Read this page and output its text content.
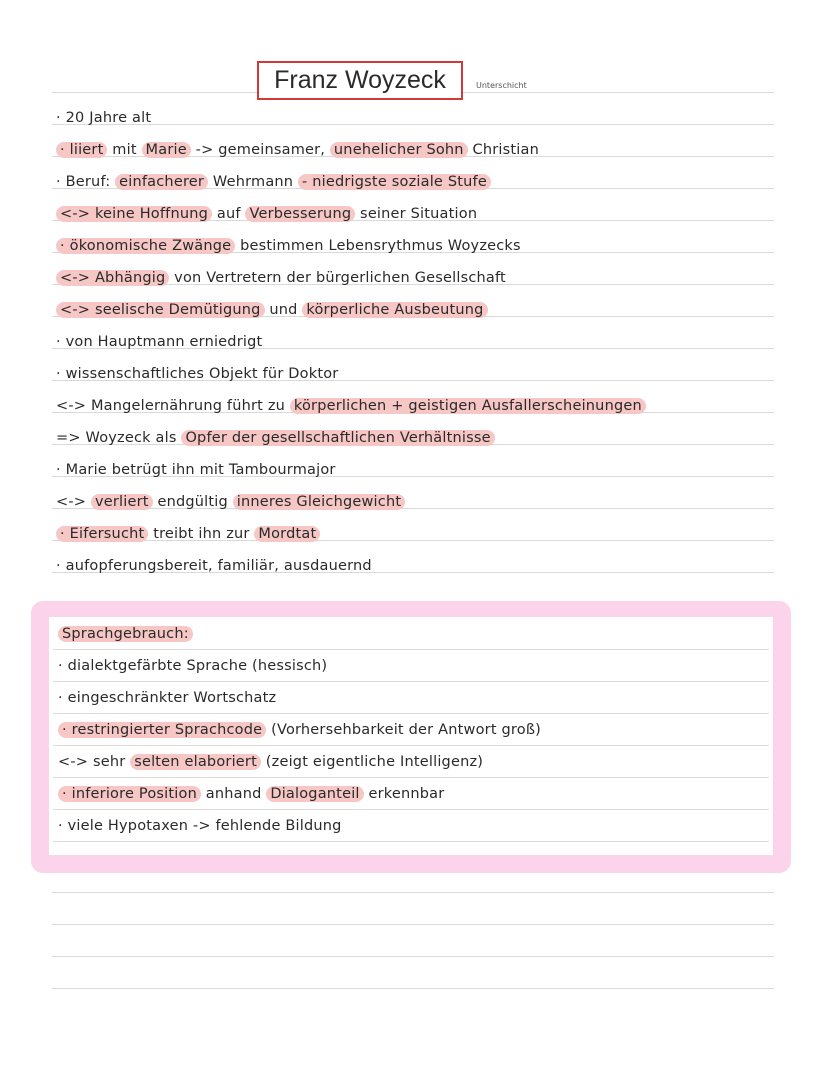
Franz Woyzeck	Unterschicht
· 20 Jahre alt
· liiert mit Marie -> gemeinsamer, unehelicher Sohn Christian
· Beruf: einfacherer Wehrmann - niedrigste soziale Stufe
<-> keine Hoffnung auf Verbesserung seiner Situation
· ökonomische Zwänge bestimmen Lebensrythmus Woyzecks
<-> Abhängig von Vertretern der bürgerlichen Gesellschaft
<-> seelische Demütigung und körperliche Ausbeutung
· von Hauptmann erniedrigt
· wissenschaftliches Objekt für Doktor
<-> Mangelernährung führt zu körperlichen + geistigen Ausfallerscheinungen
=> Woyzeck als Opfer der gesellschaftlichen Verhältnisse
· Marie betrügt ihn mit Tambourmajor
<-> verliert endgültig inneres Gleichgewicht
· Eifersucht treibt ihn zur Mordtat
· aufopferungsbereit, familiär, ausdauernd
Sprachgebrauch:
· dialektgefärbte Sprache (hessisch)
· eingeschränkter Wortschatz
· restringierter Sprachcode (Vorhersehbarkeit der Antwort groß)
<-> sehr selten elaboriert (zeigt eigentliche Intelligenz)
· inferiore Position anhand Dialoganteil erkennbar
· viele Hypotaxen -> fehlende Bildung
